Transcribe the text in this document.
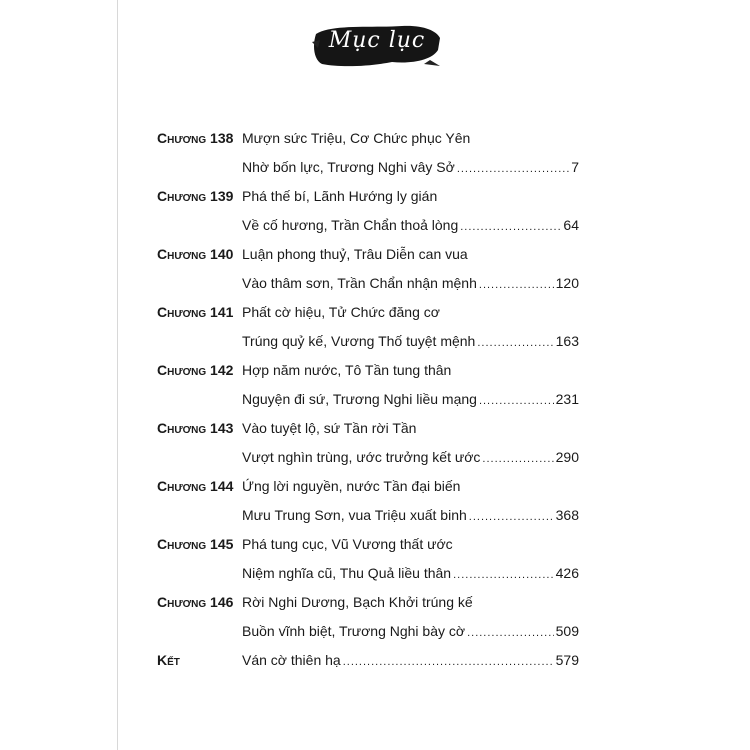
Mục lục
Chương 138 Mượn sức Triệu, Cơ Chức phục Yên
Nhờ bốn lực, Trương Nghi vây Sở .....	7
Chương 139 Phá thế bí, Lãnh Hướng ly gián
Về cố hương, Trần Chẩn thoả lòng .....	64
Chương 140 Luận phong thuỷ, Trâu Diễn can vua
Vào thâm sơn, Trần Chẩn nhận mệnh .....	120
Chương 141 Phất cờ hiệu, Tử Chức đăng cơ
Trúng quỷ kế, Vương Thố tuyệt mệnh .....	163
Chương 142 Hợp năm nước, Tô Tần tung thân
Nguyện đi sứ, Trương Nghi liều mạng .....	231
Chương 143 Vào tuyệt lộ, sứ Tần rời Tần
Vượt nghìn trùng, ước trưởng kết ước .....	290
Chương 144 Ứng lời nguyền, nước Tần đại biến
Mưu Trung Sơn, vua Triệu xuất binh .....	368
Chương 145 Phá tung cục, Vũ Vương thất ước
Niệm nghĩa cũ, Thu Quả liều thân .....	426
Chương 146 Rời Nghi Dương, Bạch Khởi trúng kế
Buồn vĩnh biệt, Trương Nghi bày cờ .....	509
Kết	Ván cờ thiên hạ .....	579
